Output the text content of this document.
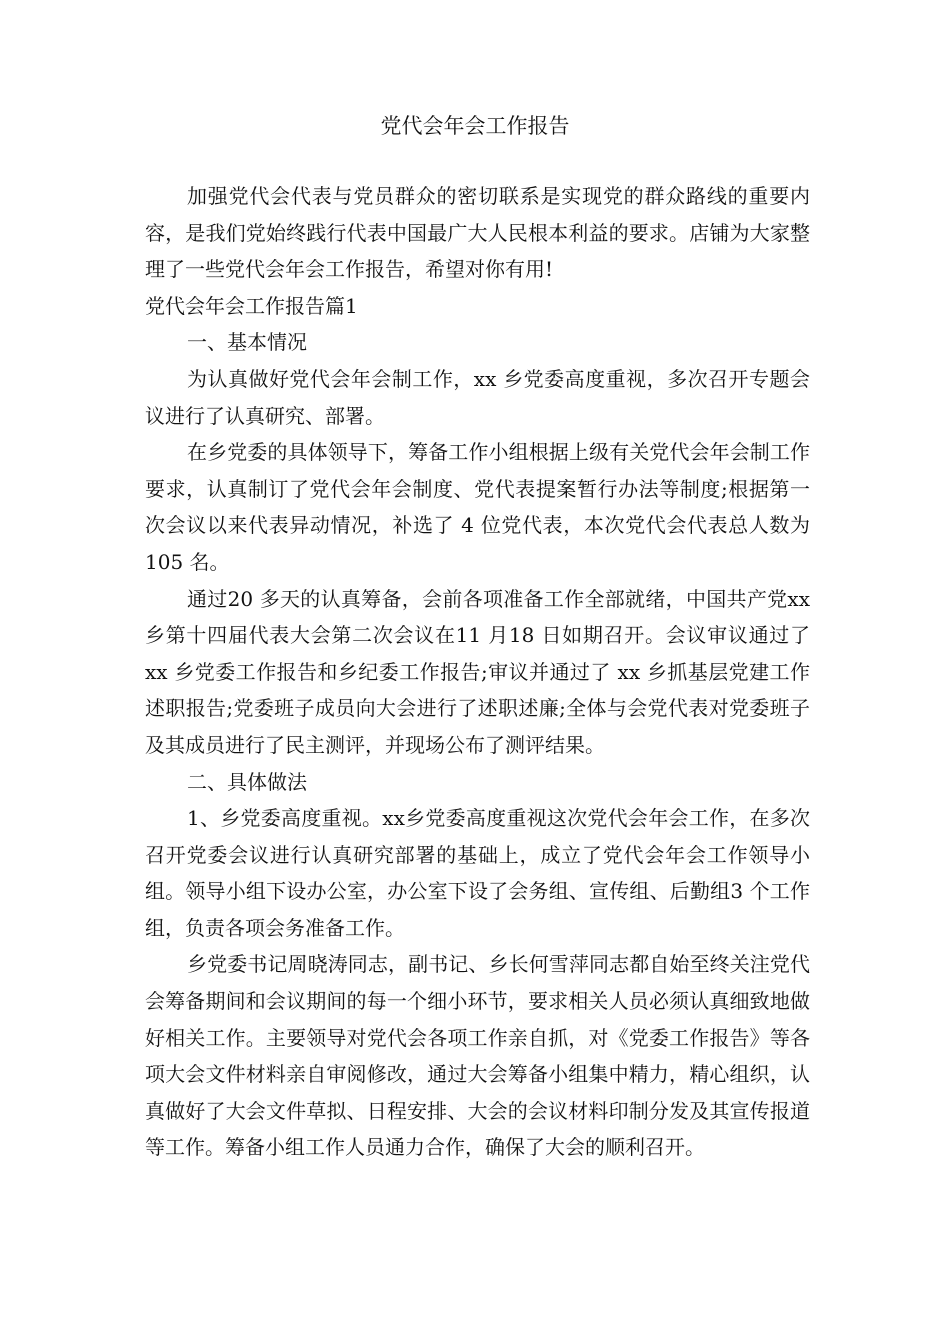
党代会年会工作报告

加强党代会代表与党员群众的密切联系是实现党的群众路线的重要内容，是我们党始终践行代表中国最广大人民根本利益的要求。店铺为大家整理了一些党代会年会工作报告，希望对你有用!

党代会年会工作报告篇1

一、基本情况

为认真做好党代会年会制工作，xx 乡党委高度重视，多次召开专题会议进行了认真研究、部署。

在乡党委的具体领导下，筹备工作小组根据上级有关党代会年会制工作要求，认真制订了党代会年会制度、党代表提案暂行办法等制度;根据第一次会议以来代表异动情况，补选了 4 位党代表，本次党代会代表总人数为105 名。

通过20 多天的认真筹备，会前各项准备工作全部就绪，中国共产党xx乡第十四届代表大会第二次会议在11 月18 日如期召开。会议审议通过了 xx 乡党委工作报告和乡纪委工作报告;审议并通过了 xx 乡抓基层党建工作述职报告;党委班子成员向大会进行了述职述廉;全体与会党代表对党委班子及其成员进行了民主测评，并现场公布了测评结果。

二、具体做法

1、乡党委高度重视。xx乡党委高度重视这次党代会年会工作，在多次召开党委会议进行认真研究部署的基础上，成立了党代会年会工作领导小组。领导小组下设办公室，办公室下设了会务组、宣传组、后勤组3 个工作组，负责各项会务准备工作。

乡党委书记周晓涛同志，副书记、乡长何雪萍同志都自始至终关注党代会筹备期间和会议期间的每一个细小环节，要求相关人员必须认真细致地做好相关工作。主要领导对党代会各项工作亲自抓，对《党委工作报告》等各项大会文件材料亲自审阅修改，通过大会筹备小组集中精力，精心组织，认真做好了大会文件草拟、日程安排、大会的会议材料印制分发及其宣传报道等工作。筹备小组工作人员通力合作，确保了大会的顺利召开。
